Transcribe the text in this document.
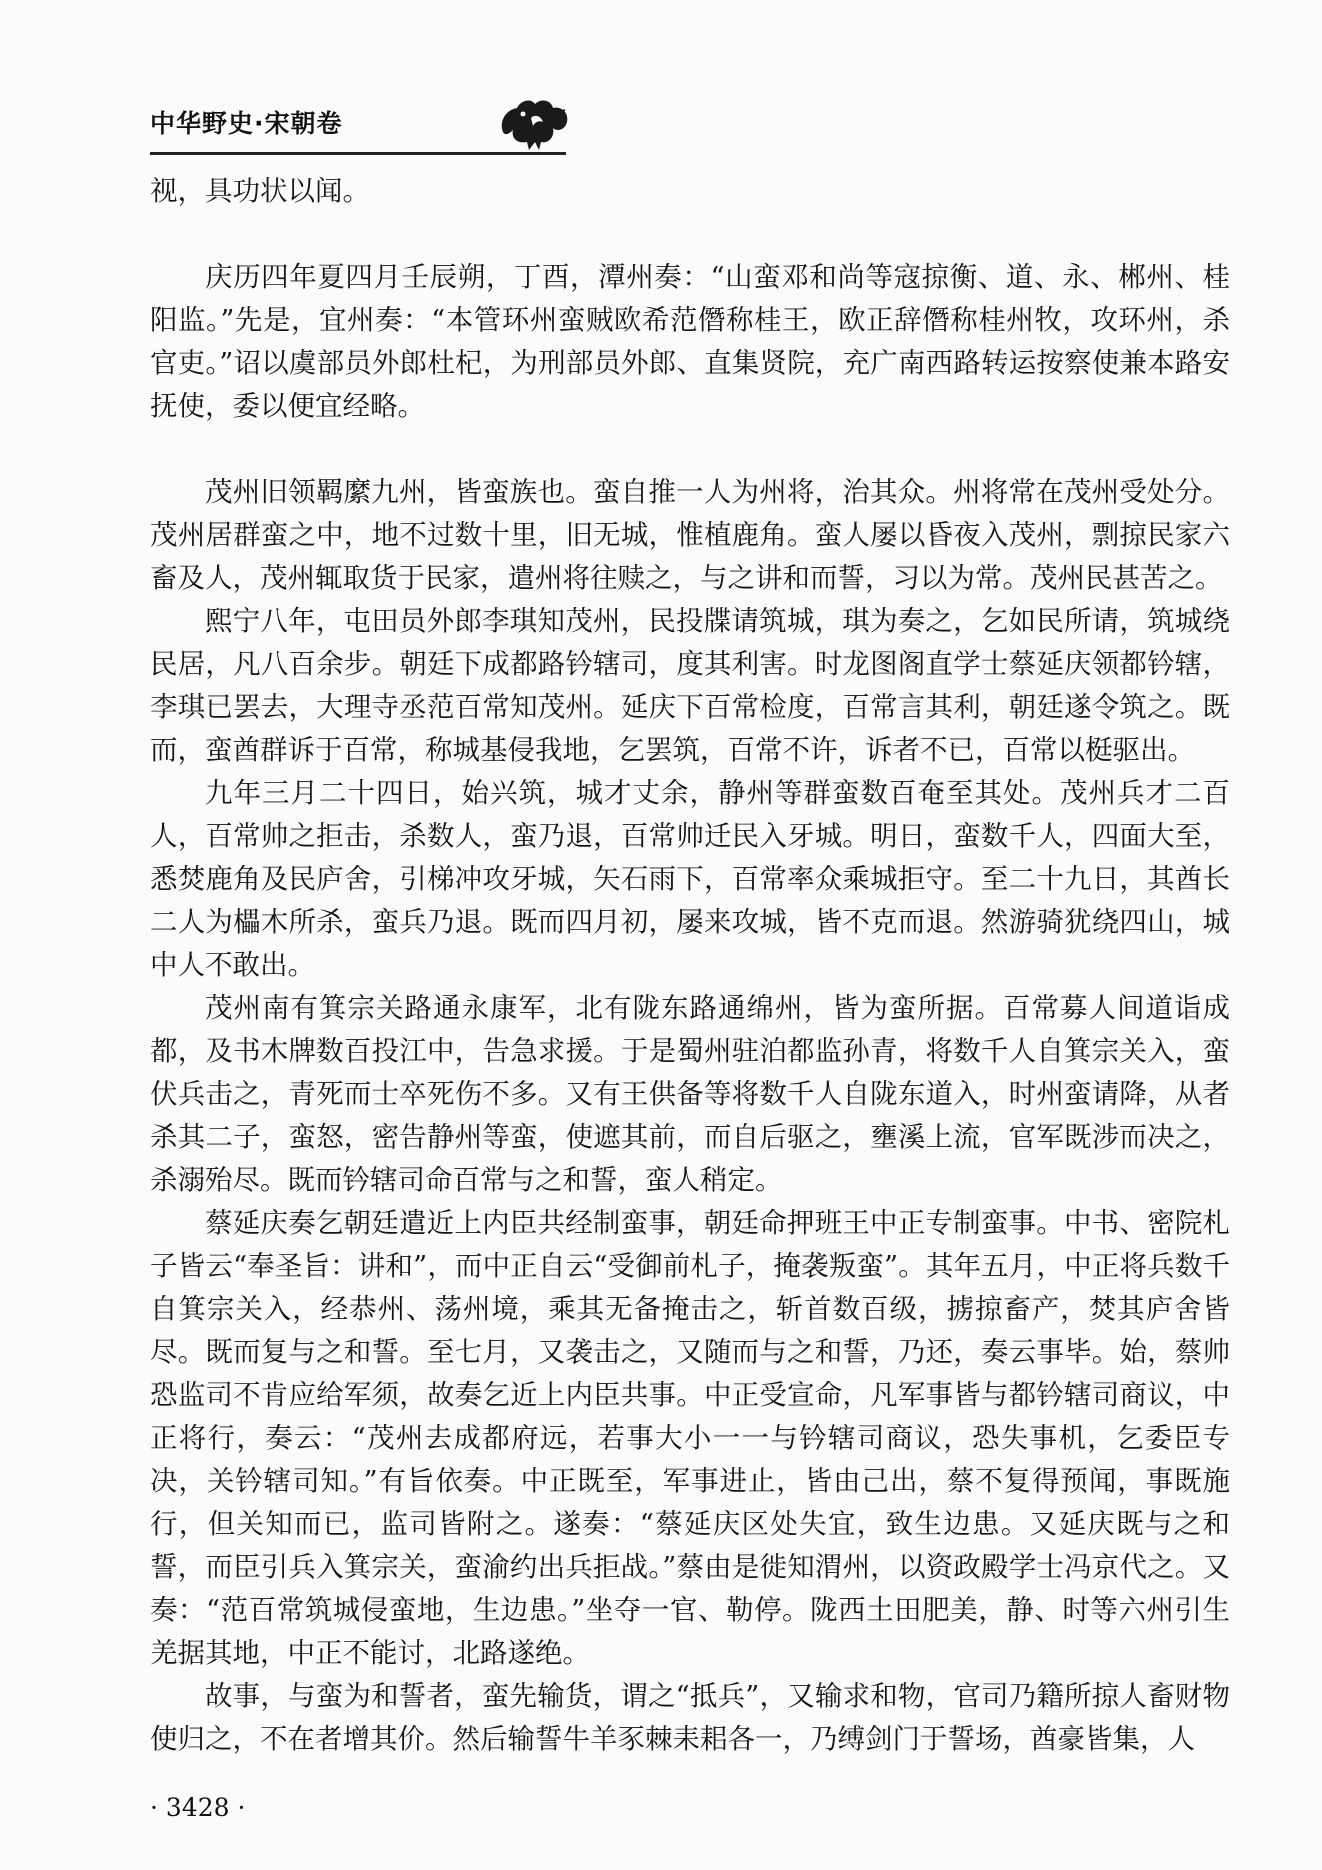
中华野史·宋朝卷

视，具功状以闻。

庆历四年夏四月壬辰朔，丁酉，潭州奏：“山蛮邓和尚等寇掠衡、道、永、郴州、桂阳监。”先是，宜州奏：“本管环州蛮贼欧希范僭称桂王，欧正辞僭称桂州牧，攻环州，杀官吏。”诏以虞部员外郎杜杞，为刑部员外郎、直集贤院，充广南西路转运按察使兼本路安抚使，委以便宜经略。

茂州旧领羁縻九州，皆蛮族也。蛮自推一人为州将，治其众。州将常在茂州受处分。茂州居群蛮之中，地不过数十里，旧无城，惟植鹿角。蛮人屡以昏夜入茂州，剽掠民家六畜及人，茂州辄取货于民家，遣州将往赎之，与之讲和而誓，习以为常。茂州民甚苦之。

熙宁八年，屯田员外郎李琪知茂州，民投牒请筑城，琪为奏之，乞如民所请，筑城绕民居，凡八百余步。朝廷下成都路钤辖司，度其利害。时龙图阁直学士蔡延庆领都钤辖，李琪已罢去，大理寺丞范百常知茂州。延庆下百常检度，百常言其利，朝廷遂令筑之。既而，蛮酋群诉于百常，称城基侵我地，乞罢筑，百常不许，诉者不已，百常以梃驱出。

九年三月二十四日，始兴筑，城才丈余，静州等群蛮数百奄至其处。茂州兵才二百人，百常帅之拒击，杀数人，蛮乃退，百常帅迁民入牙城。明日，蛮数千人，四面大至，悉焚鹿角及民庐舍，引梯冲攻牙城，矢石雨下，百常率众乘城拒守。至二十九日，其酋长二人为櫑木所杀，蛮兵乃退。既而四月初，屡来攻城，皆不克而退。然游骑犹绕四山，城中人不敢出。

茂州南有箕宗关路通永康军，北有陇东路通绵州，皆为蛮所据。百常募人间道诣成都，及书木牌数百投江中，告急求援。于是蜀州驻泊都监孙青，将数千人自箕宗关入，蛮伏兵击之，青死而士卒死伤不多。又有王供备等将数千人自陇东道入，时州蛮请降，从者杀其二子，蛮怒，密告静州等蛮，使遮其前，而自后驱之，壅溪上流，官军既涉而决之，杀溺殆尽。既而钤辖司命百常与之和誓，蛮人稍定。

蔡延庆奏乞朝廷遣近上内臣共经制蛮事，朝廷命押班王中正专制蛮事。中书、密院札子皆云“奉圣旨：讲和”，而中正自云“受御前札子，掩袭叛蛮”。其年五月，中正将兵数千自箕宗关入，经恭州、荡州境，乘其无备掩击之，斩首数百级，掳掠畜产，焚其庐舍皆尽。既而复与之和誓。至七月，又袭击之，又随而与之和誓，乃还，奏云事毕。始，蔡帅恐监司不肯应给军须，故奏乞近上内臣共事。中正受宣命，凡军事皆与都钤辖司商议，中正将行，奏云：“茂州去成都府远，若事大小一一与钤辖司商议，恐失事机，乞委臣专决，关钤辖司知。”有旨依奏。中正既至，军事进止，皆由己出，蔡不复得预闻，事既施行，但关知而已，监司皆附之。遂奏：“蔡延庆区处失宜，致生边患。又延庆既与之和誓，而臣引兵入箕宗关，蛮渝约出兵拒战。”蔡由是徙知渭州，以资政殿学士冯京代之。又奏：“范百常筑城侵蛮地，生边患。”坐夺一官、勒停。陇西土田肥美，静、时等六州引生羌据其地，中正不能讨，北路遂绝。

故事，与蛮为和誓者，蛮先输货，谓之“抵兵”，又输求和物，官司乃籍所掠人畜财物使归之，不在者增其价。然后输誓牛羊豕棘耒耜各一，乃缚剑门于誓场，酋豪皆集，人

· 3428 ·
